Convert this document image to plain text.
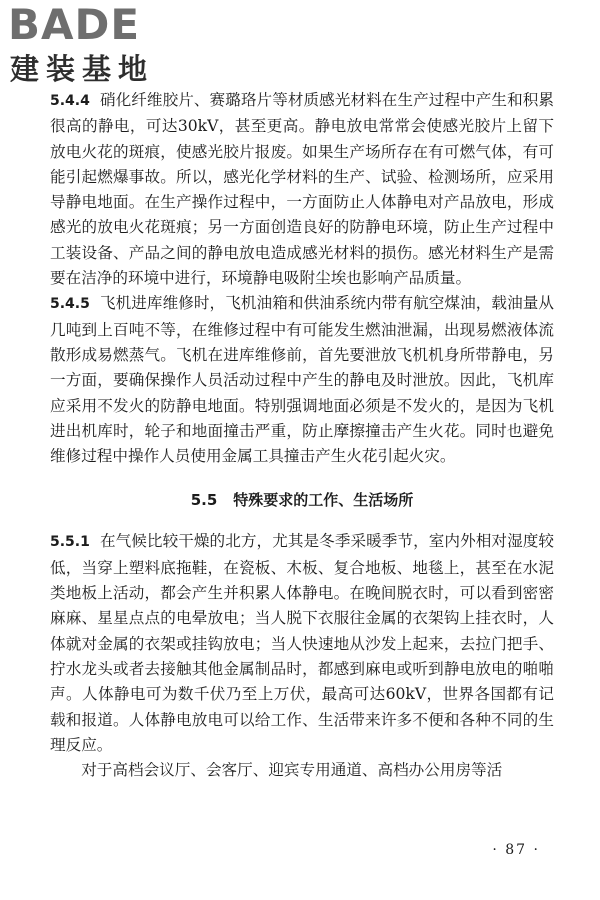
BADE
建装基地

5.4.4 硝化纤维胶片、赛璐珞片等材质感光材料在生产过程中产生和积累很高的静电，可达30kV，甚至更高。静电放电常常会使感光胶片上留下放电火花的斑痕，使感光胶片报废。如果生产场所存在有可燃气体，有可能引起燃爆事故。所以，感光化学材料的生产、试验、检测场所，应采用导静电地面。在生产操作过程中，一方面防止人体静电对产品放电，形成感光的放电火花斑痕；另一方面创造良好的防静电环境，防止生产过程中工装设备、产品之间的静电放电造成感光材料的损伤。感光材料生产是需要在洁净的环境中进行，环境静电吸附尘埃也影响产品质量。

5.4.5 飞机进库维修时，飞机油箱和供油系统内带有航空煤油，载油量从几吨到上百吨不等，在维修过程中有可能发生燃油泄漏，出现易燃液体流散形成易燃蒸气。飞机在进库维修前，首先要泄放飞机机身所带静电，另一方面，要确保操作人员活动过程中产生的静电及时泄放。因此，飞机库应采用不发火的防静电地面。特别强调地面必须是不发火的，是因为飞机进出机库时，轮子和地面撞击严重，防止摩擦撞击产生火花。同时也避免维修过程中操作人员使用金属工具撞击产生火花引起火灾。

5.5 特殊要求的工作、生活场所

5.5.1 在气候比较干燥的北方，尤其是冬季采暖季节，室内外相对湿度较低，当穿上塑料底拖鞋，在瓷板、木板、复合地板、地毯上，甚至在水泥类地板上活动，都会产生并积累人体静电。在晚间脱衣时，可以看到密密麻麻、星星点点的电晕放电；当人脱下衣服往金属的衣架钩上挂衣时，人体就对金属的衣架或挂钩放电；当人快速地从沙发上起来，去拉门把手、拧水龙头或者去接触其他金属制品时，都感到麻电或听到静电放电的啪啪声。人体静电可为数千伏乃至上万伏，最高可达60kV，世界各国都有记载和报道。人体静电放电可以给工作、生活带来许多不便和各种不同的生理反应。

对于高档会议厅、会客厅、迎宾专用通道、高档办公用房等活

· 87 ·
